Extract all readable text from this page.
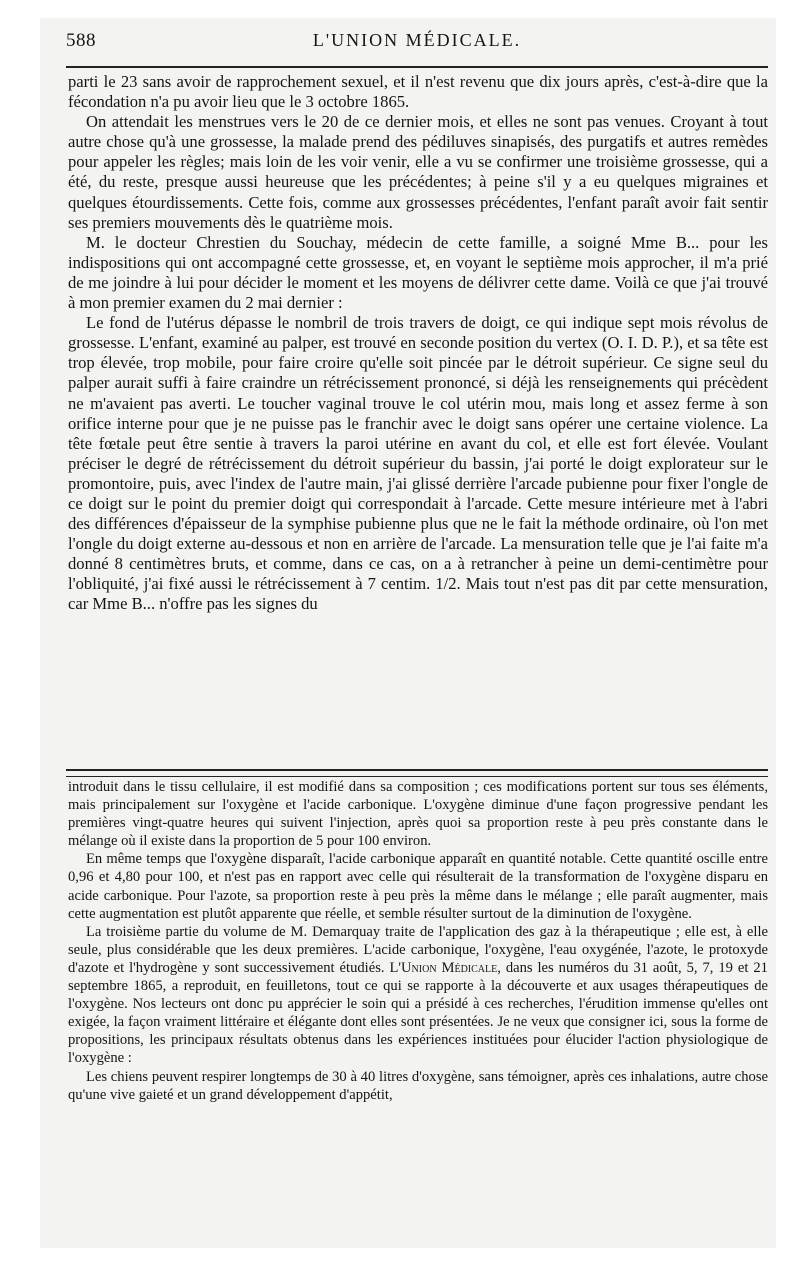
588	L'UNION MÉDICALE.

parti le 23 sans avoir de rapprochement sexuel, et il n'est revenu que dix jours après, c'est-à-dire que la fécondation n'a pu avoir lieu que le 3 octobre 1865.

On attendait les menstrues vers le 20 de ce dernier mois, et elles ne sont pas venues. Croyant à tout autre chose qu'à une grossesse, la malade prend des pédiluves sinapisés, des purgatifs et autres remèdes pour appeler les règles; mais loin de les voir venir, elle a vu se confirmer une troisième grossesse, qui a été, du reste, presque aussi heureuse que les précédentes; à peine s'il y a eu quelques migraines et quelques étourdissements. Cette fois, comme aux grossesses précédentes, l'enfant paraît avoir fait sentir ses premiers mouvements dès le quatrième mois.

M. le docteur Chrestien du Souchay, médecin de cette famille, a soigné Mme B... pour les indispositions qui ont accompagné cette grossesse, et, en voyant le septième mois approcher, il m'a prié de me joindre à lui pour décider le moment et les moyens de délivrer cette dame. Voilà ce que j'ai trouvé à mon premier examen du 2 mai dernier :

Le fond de l'utérus dépasse le nombril de trois travers de doigt, ce qui indique sept mois révolus de grossesse. L'enfant, examiné au palper, est trouvé en seconde position du vertex (O. I. D. P.), et sa tête est trop élevée, trop mobile, pour faire croire qu'elle soit pincée par le détroit supérieur. Ce signe seul du palper aurait suffi à faire craindre un rétrécissement prononcé, si déjà les renseignements qui précèdent ne m'avaient pas averti. Le toucher vaginal trouve le col utérin mou, mais long et assez ferme à son orifice interne pour que je ne puisse pas le franchir avec le doigt sans opérer une certaine violence. La tête fœtale peut être sentie à travers la paroi utérine en avant du col, et elle est fort élevée. Voulant préciser le degré de rétrécissement du détroit supérieur du bassin, j'ai porté le doigt explorateur sur le promontoire, puis, avec l'index de l'autre main, j'ai glissé derrière l'arcade pubienne pour fixer l'ongle de ce doigt sur le point du premier doigt qui correspondait à l'arcade. Cette mesure intérieure met à l'abri des différences d'épaisseur de la symphise pubienne plus que ne le fait la méthode ordinaire, où l'on met l'ongle du doigt externe au-dessous et non en arrière de l'arcade. La mensuration telle que je l'ai faite m'a donné 8 centimètres bruts, et comme, dans ce cas, on a à retrancher à peine un demi-centimètre pour l'obliquité, j'ai fixé aussi le rétrécissement à 7 centim. 1/2. Mais tout n'est pas dit par cette mensuration, car Mme B... n'offre pas les signes du

introduit dans le tissu cellulaire, il est modifié dans sa composition ; ces modifications portent sur tous ses éléments, mais principalement sur l'oxygène et l'acide carbonique. L'oxygène diminue d'une façon progressive pendant les premières vingt-quatre heures qui suivent l'injection, après quoi sa proportion reste à peu près constante dans le mélange où il existe dans la proportion de 5 pour 100 environ.

En même temps que l'oxygène disparaît, l'acide carbonique apparaît en quantité notable. Cette quantité oscille entre 0,96 et 4,80 pour 100, et n'est pas en rapport avec celle qui résulterait de la transformation de l'oxygène disparu en acide carbonique. Pour l'azote, sa proportion reste à peu près la même dans le mélange ; elle paraît augmenter, mais cette augmentation est plutôt apparente que réelle, et semble résulter surtout de la diminution de l'oxygène.

La troisième partie du volume de M. Demarquay traite de l'application des gaz à la thérapeutique ; elle est, à elle seule, plus considérable que les deux premières. L'acide carbonique, l'oxygène, l'eau oxygénée, l'azote, le protoxyde d'azote et l'hydrogène y sont successivement étudiés. L'Union Médicale, dans les numéros du 31 août, 5, 7, 19 et 21 septembre 1865, a reproduit, en feuilletons, tout ce qui se rapporte à la découverte et aux usages thérapeutiques de l'oxygène. Nos lecteurs ont donc pu apprécier le soin qui a présidé à ces recherches, l'érudition immense qu'elles ont exigée, la façon vraiment littéraire et élégante dont elles sont présentées. Je ne veux que consigner ici, sous la forme de propositions, les principaux résultats obtenus dans les expériences instituées pour élucider l'action physiologique de l'oxygène :

Les chiens peuvent respirer longtemps de 30 à 40 litres d'oxygène, sans témoigner, après ces inhalations, autre chose qu'une vive gaieté et un grand développement d'appétit,
